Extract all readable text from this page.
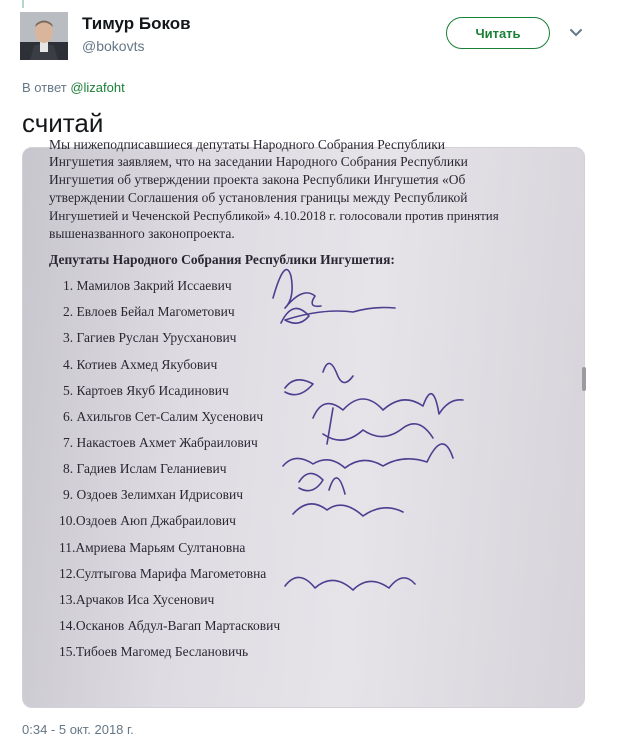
Тимур Боков
@bokovts
Читать
В ответ @lizafoht
считай
Мы нижеподписавшиеся депутаты Народного Собрания Республики
Ингушетия заявляем, что на заседании Народного Собрания Республики
Ингушетия об утверждении проекта закона Республики Ингушетия «Об
утверждении Соглашения об установления границы между Республикой
Ингушетией и Чеченской Республикой» 4.10.2018 г. голосовали против принятия
вышеназванного законопроекта.
Депутаты Народного Собрания Республики Ингушетия:
1. Мамилов Закрий Иссаевич
2. Евлоев Бейал Магометович
3. Гагиев Руслан Урусханович
4. Котиев Ахмед Якубович
5. Картоев Якуб Исадинович
6. Ахильгов Сет-Салим Хусенович
7. Накастоев Ахмет Жабраилович
8. Гадиев Ислам Геланиевич
9. Оздоев Зелимхан Идрисович
10.Оздоев Аюп Джабраилович
11.Амриева Марьям Султановна
12.Султыгова Марифа Магометовна
13.Арчаков Иса Хусенович
14.Осканов Абдул-Вагап Мартаскович
15.Тибоев Магомед Беслановичь
0:34 - 5 окт. 2018 г.
